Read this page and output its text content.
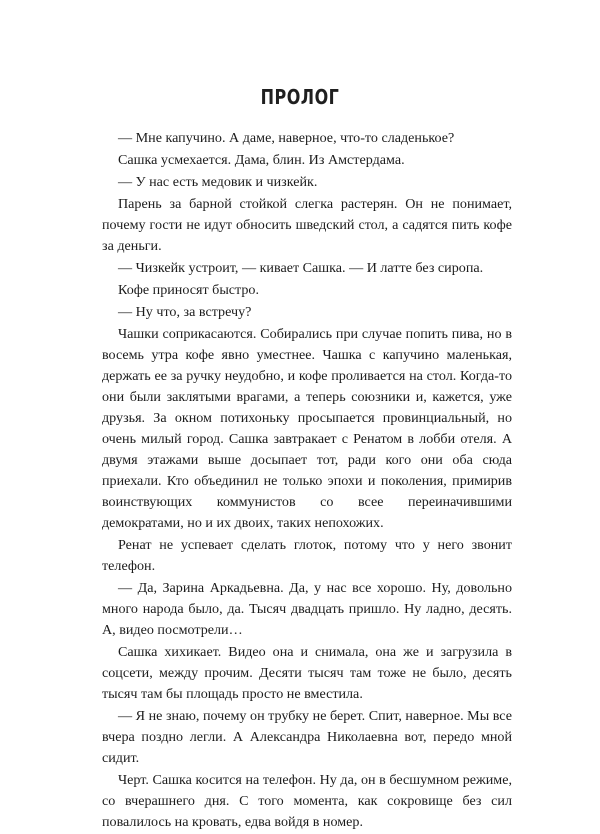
ПРОЛОГ

— Мне капучино. А даме, наверное, что-то сладенькое?

Сашка усмехается. Дама, блин. Из Амстердама.

— У нас есть медовик и чизкейк.

Парень за барной стойкой слегка растерян. Он не понимает, почему гости не идут обносить шведский стол, а садятся пить кофе за деньги.

— Чизкейк устроит, — кивает Сашка. — И латте без сиропа.

Кофе приносят быстро.

— Ну что, за встречу?

Чашки соприкасаются. Собирались при случае попить пива, но в восемь утра кофе явно уместнее. Чашка с капучино маленькая, держать ее за ручку неудобно, и кофе проливается на стол. Когда-то они были заклятыми врагами, а теперь союзники и, кажется, уже друзья. За окном потихоньку просыпается провинциальный, но очень милый город. Сашка завтракает с Ренатом в лобби отеля. А двумя этажами выше досыпает тот, ради кого они оба сюда приехали. Кто объединил не только эпохи и поколения, примирив воинствующих коммунистов со всее переиначившими демократами, но и их двоих, таких непохожих.

Ренат не успевает сделать глоток, потому что у него звонит телефон.

— Да, Зарина Аркадьевна. Да, у нас все хорошо. Ну, довольно много народа было, да. Тысяч двадцать пришло. Ну ладно, десять. А, видео посмотрели…

Сашка хихикает. Видео она и снимала, она же и загрузила в соцсети, между прочим. Десяти тысяч там тоже не было, десять тысяч там бы площадь просто не вместила.

— Я не знаю, почему он трубку не берет. Спит, наверное. Мы все вчера поздно легли. А Александра Николаевна вот, передо мной сидит.

Черт. Сашка косится на телефон. Ну да, он в бесшумном режиме, со вчерашнего дня. С того момента, как сокровище без сил повалилось на кровать, едва войдя в номер.
